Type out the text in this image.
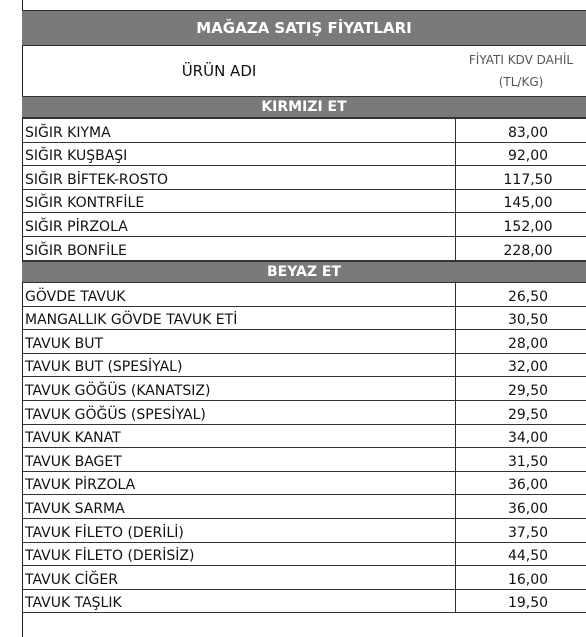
MAĞAZA SATIŞ FİYATLARI
ÜRÜN ADI
FİYATI KDV DAHİL
(TL/KG)
KIRMIZI ET
SIĞIR KIYMA	83,00
SIĞIR KUŞBAŞI	92,00
SIĞIR BİFTEK-ROSTO	117,50
SIĞIR KONTRFİLE	145,00
SIĞIR PİRZOLA	152,00
SIĞIR BONFİLE	228,00
BEYAZ ET
GÖVDE TAVUK	26,50
MANGALLIK GÖVDE TAVUK ETİ	30,50
TAVUK BUT	28,00
TAVUK BUT (SPESİYAL)	32,00
TAVUK GÖĞÜS (KANATSIZ)	29,50
TAVUK GÖĞÜS (SPESİYAL)	29,50
TAVUK KANAT	34,00
TAVUK BAGET	31,50
TAVUK PİRZOLA	36,00
TAVUK SARMA	36,00
TAVUK FİLETO (DERİLİ)	37,50
TAVUK FİLETO (DERİSİZ)	44,50
TAVUK CİĞER	16,00
TAVUK TAŞLIK	19,50
